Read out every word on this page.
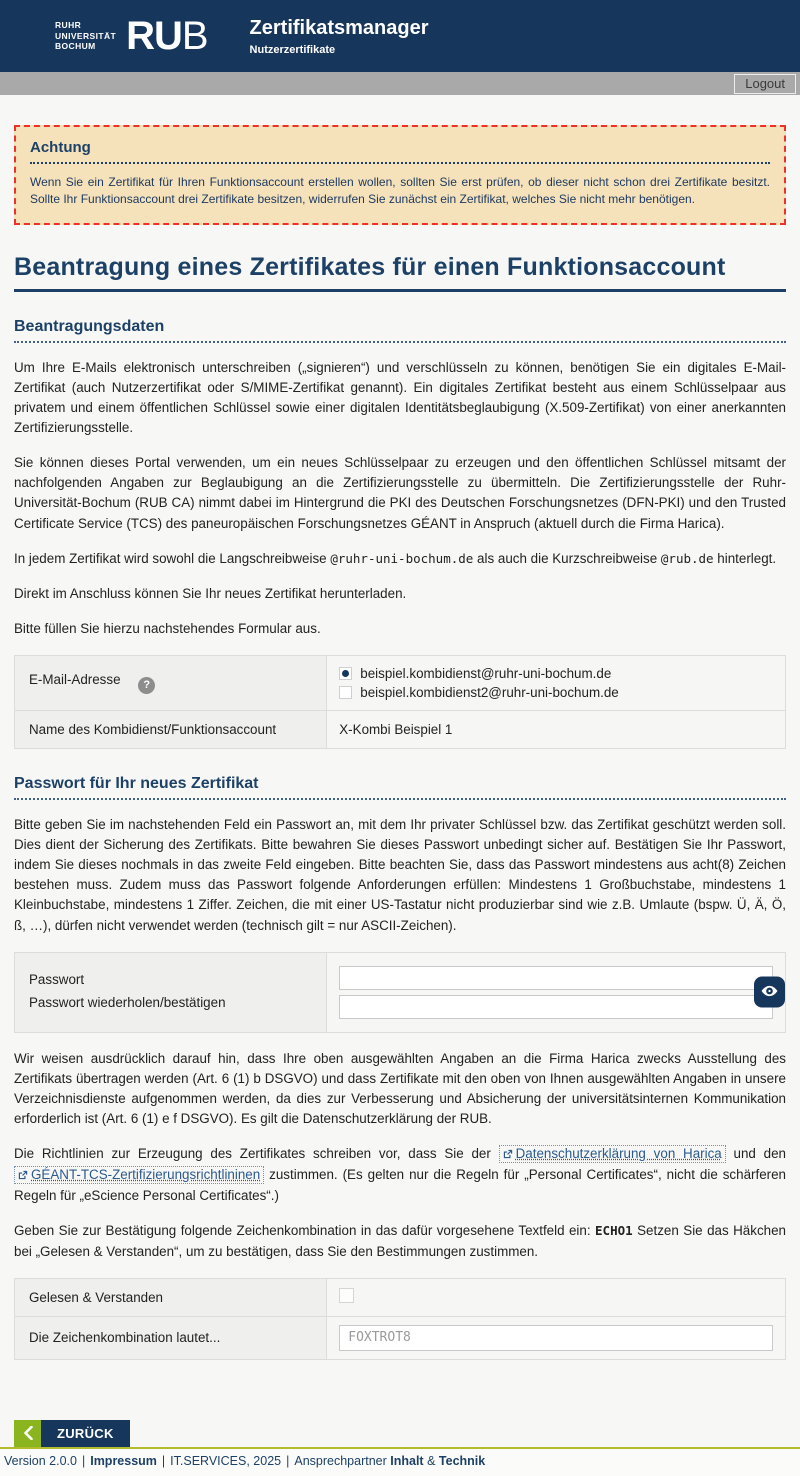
RUHR
UNIVERSITÄT
BOCHUM RUB Zertifikatsmanager
Nutzerzertifikate
Logout
Achtung
Wenn Sie ein Zertifikat für Ihren Funktionsaccount erstellen wollen, sollten Sie erst prüfen, ob dieser nicht schon drei Zertifikate besitzt. Sollte Ihr Funktionsaccount drei Zertifikate besitzen, widerrufen Sie zunächst ein Zertifikat, welches Sie nicht mehr benötigen.
Beantragung eines Zertifikates für einen Funktionsaccount
Beantragungsdaten

Um Ihre E-Mails elektronisch unterschreiben („signieren“) und verschlüsseln zu können, benötigen Sie ein digitales E-Mail-Zertifikat (auch Nutzerzertifikat oder S/MIME-Zertifikat genannt). Ein digitales Zertifikat besteht aus einem Schlüsselpaar aus privatem und einem öffentlichen Schlüssel sowie einer digitalen Identitätsbeglaubigung (X.509-Zertifikat) von einer anerkannten Zertifizierungsstelle.

Sie können dieses Portal verwenden, um ein neues Schlüsselpaar zu erzeugen und den öffentlichen Schlüssel mitsamt der nachfolgenden Angaben zur Beglaubigung an die Zertifizierungsstelle zu übermitteln. Die Zertifizierungsstelle der Ruhr-Universität-Bochum (RUB CA) nimmt dabei im Hintergrund die PKI des Deutschen Forschungsnetzes (DFN-PKI) und den Trusted Certificate Service (TCS) des paneuropäischen Forschungsnetzes GÉANT in Anspruch (aktuell durch die Firma Harica).

In jedem Zertifikat wird sowohl die Langschreibweise @ruhr-uni-bochum.de als auch die Kurzschreibweise @rub.de hinterlegt.

Direkt im Anschluss können Sie Ihr neues Zertifikat herunterladen.

Bitte füllen Sie hierzu nachstehendes Formular aus.

E-Mail-Adresse ?	beispiel.kombidienst@ruhr-uni-bochum.de
beispiel.kombidienst2@ruhr-uni-bochum.de

Name des Kombidienst/Funktionsaccount	X-Kombi Beispiel 1
Passwort für Ihr neues Zertifikat

Bitte geben Sie im nachstehenden Feld ein Passwort an, mit dem Ihr privater Schlüssel bzw. das Zertifikat geschützt werden soll. Dies dient der Sicherung des Zertifikats. Bitte bewahren Sie dieses Passwort unbedingt sicher auf. Bestätigen Sie Ihr Passwort, indem Sie dieses nochmals in das zweite Feld eingeben. Bitte beachten Sie, dass das Passwort mindestens aus acht(8) Zeichen bestehen muss. Zudem muss das Passwort folgende Anforderungen erfüllen: Mindestens 1 Großbuchstabe, mindestens 1 Kleinbuchstabe, mindestens 1 Ziffer. Zeichen, die mit einer US-Tastatur nicht produzierbar sind wie z.B. Umlaute (bspw. Ü, Ä, Ö, ß, …), dürfen nicht verwendet werden (technisch gilt = nur ASCII-Zeichen).

Passwort
Passwort wiederholen/bestätigen

Wir weisen ausdrücklich darauf hin, dass Ihre oben ausgewählten Angaben an die Firma Harica zwecks Ausstellung des Zertifikats übertragen werden (Art. 6 (1) b DSGVO) und dass Zertifikate mit den oben von Ihnen ausgewählten Angaben in unsere Verzeichnisdienste aufgenommen werden, da dies zur Verbesserung und Absicherung der universitätsinternen Kommunikation erforderlich ist (Art. 6 (1) e f DSGVO). Es gilt die Datenschutzerklärung der RUB.

Die Richtlinien zur Erzeugung des Zertifikates schreiben vor, dass Sie der Datenschutzerklärung von Harica und den GÉANT-TCS-Zertifizierungsrichtlininen zustimmen. (Es gelten nur die Regeln für „Personal Certificates“, nicht die schärferen Regeln für „eScience Personal Certificates“.)

Geben Sie zur Bestätigung folgende Zeichenkombination in das dafür vorgesehene Textfeld ein: ECHO1 Setzen Sie das Häkchen bei „Gelesen & Verstanden“, um zu bestätigen, dass Sie den Bestimmungen zustimmen.

Gelesen & Verstanden	
Die Zeichenkombination lautet...	FOXTROT8
ZURÜCK
Version 2.0.0 | Impressum | IT.SERVICES, 2025 | Ansprechpartner Inhalt & Technik
